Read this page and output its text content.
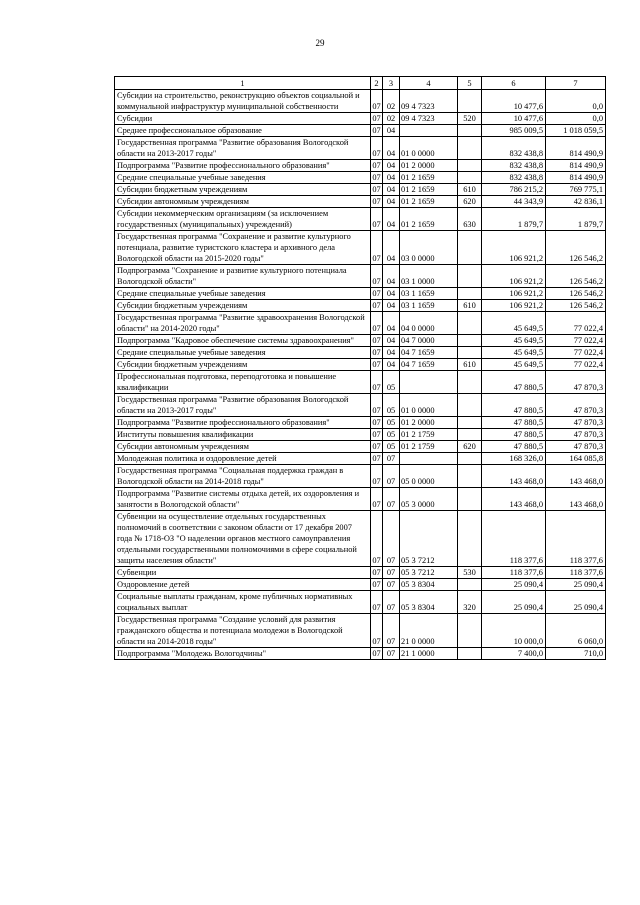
29
1	2	3	4	5	6	7
Субсидии на строительство, реконструкцию объектов социальной и коммунальной инфраструктур муниципальной собственности	07	02	09 4 7323		10 477,6	0,0
Субсидии	07	02	09 4 7323	520	10 477,6	0,0
Среднее профессиональное образование	07	04			985 009,5	1 018 059,5
Государственная программа "Развитие образования Вологодской области на 2013-2017 годы"	07	04	01 0 0000		832 438,8	814 490,9
Подпрограмма "Развитие профессионального образования"	07	04	01 2 0000		832 438,8	814 490,9
Средние специальные учебные заведения	07	04	01 2 1659		832 438,8	814 490,9
Субсидии бюджетным учреждениям	07	04	01 2 1659	610	786 215,2	769 775,1
Субсидии автономным учреждениям	07	04	01 2 1659	620	44 343,9	42 836,1
Субсидии некоммерческим организациям (за исключением государственных (муниципальных) учреждений)	07	04	01 2 1659	630	1 879,7	1 879,7
Государственная программа "Сохранение и развитие культурного потенциала, развитие туристского кластера и архивного дела Вологодской области на 2015-2020 годы"	07	04	03 0 0000		106 921,2	126 546,2
Подпрограмма "Сохранение и развитие культурного потенциала Вологодской области"	07	04	03 1 0000		106 921,2	126 546,2
Средние специальные учебные заведения	07	04	03 1 1659		106 921,2	126 546,2
Субсидии бюджетным учреждениям	07	04	03 1 1659	610	106 921,2	126 546,2
Государственная программа "Развитие здравоохранения Вологодской области" на 2014-2020 годы"	07	04	04 0 0000		45 649,5	77 022,4
Подпрограмма "Кадровое обеспечение системы здравоохранения"	07	04	04 7 0000		45 649,5	77 022,4
Средние специальные учебные заведения	07	04	04 7 1659		45 649,5	77 022,4
Субсидии бюджетным учреждениям	07	04	04 7 1659	610	45 649,5	77 022,4
Профессиональная подготовка, переподготовка и повышение квалификации	07	05			47 880,5	47 870,3
Государственная программа "Развитие образования Вологодской области на 2013-2017 годы"	07	05	01 0 0000		47 880,5	47 870,3
Подпрограмма "Развитие профессионального образования"	07	05	01 2 0000		47 880,5	47 870,3
Институты повышения квалификации	07	05	01 2 1759		47 880,5	47 870,3
Субсидии автономным учреждениям	07	05	01 2 1759	620	47 880,5	47 870,3
Молодежная политика и оздоровление детей	07	07			168 326,0	164 085,8
Государственная программа "Социальная поддержка граждан в Вологодской области на 2014-2018 годы"	07	07	05 0 0000		143 468,0	143 468,0
Подпрограмма "Развитие системы отдыха детей, их оздоровления и занятости в Вологодской области"	07	07	05 3 0000		143 468,0	143 468,0
Субвенции на осуществление отдельных государственных полномочий в соответствии с законом области от 17 декабря 2007 года № 1718-ОЗ "О наделении органов местного самоуправления отдельными государственными полномочиями в сфере социальной защиты населения области"	07	07	05 3 7212		118 377,6	118 377,6
Субвенции	07	07	05 3 7212	530	118 377,6	118 377,6
Оздоровление детей	07	07	05 3 8304		25 090,4	25 090,4
Социальные выплаты гражданам, кроме публичных нормативных социальных выплат	07	07	05 3 8304	320	25 090,4	25 090,4
Государственная программа "Создание условий для развития гражданского общества и потенциала молодежи в Вологодской области на 2014-2018 годы"	07	07	21 0 0000		10 000,0	6 060,0
Подпрограмма "Молодежь Вологодчины"	07	07	21 1 0000		7 400,0	710,0
